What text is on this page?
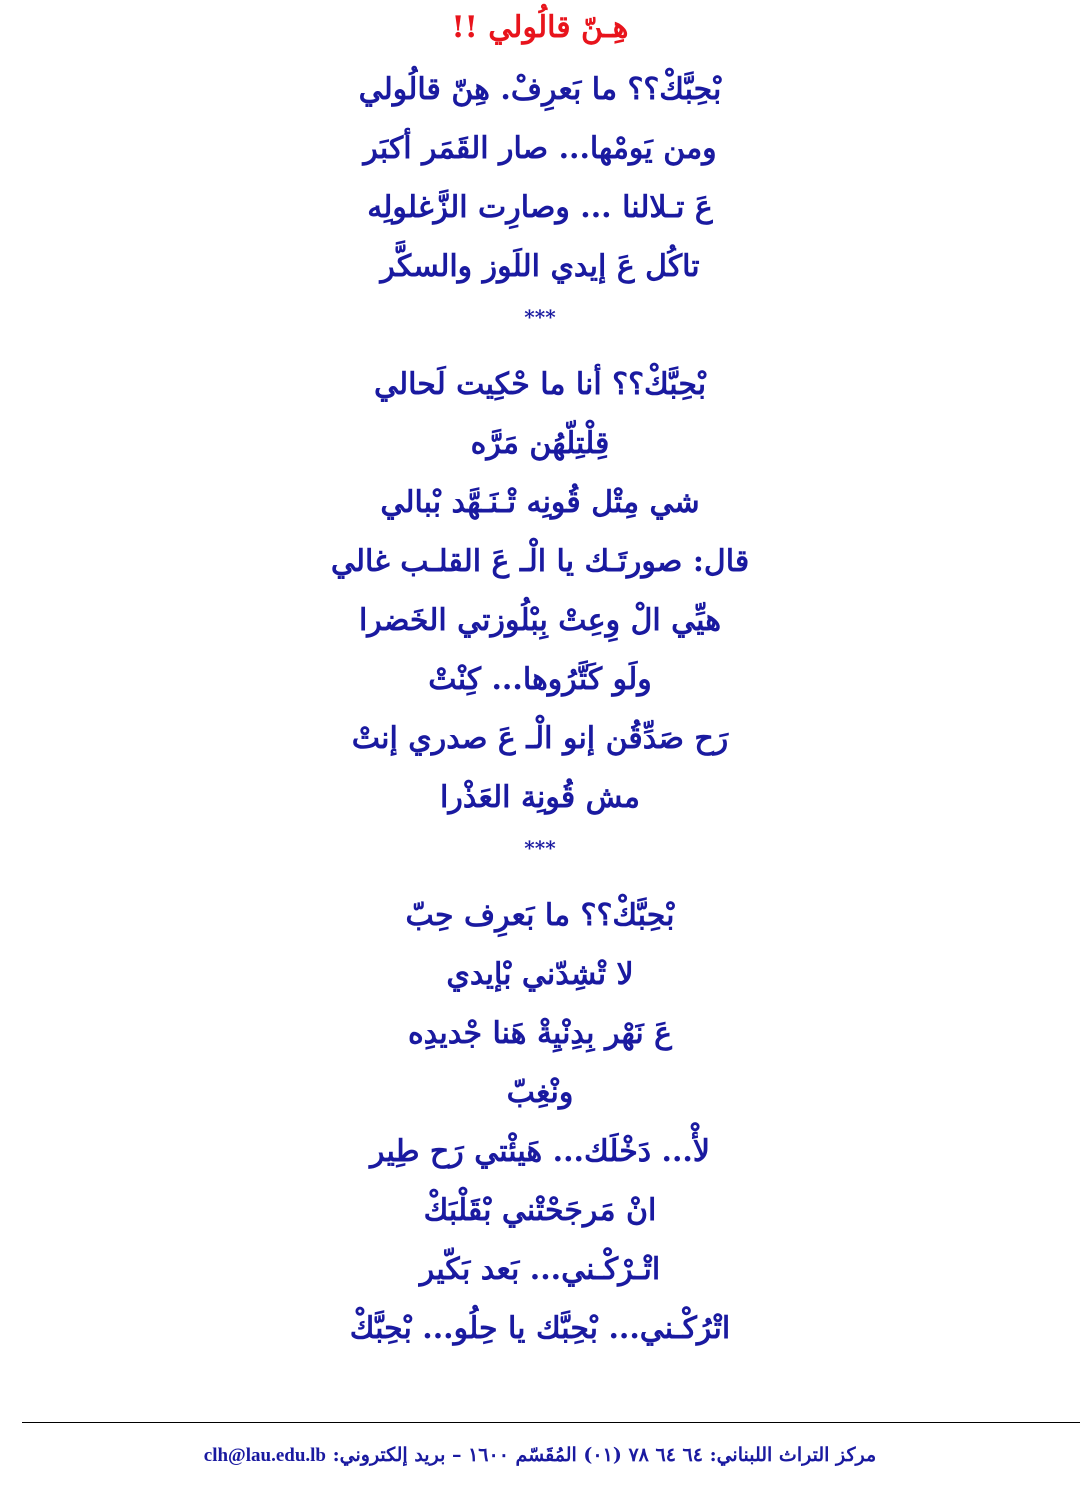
هِـنّ قالُولي !!
بْحِبَّكْ؟؟ ما بَعرِفْ. هِنّ قالُولي
ومن يَومْها... صار القَمَر أكبَر
عَ تـلالنا ... وصارِت الزَّغلولِه
تاكُل عَ إيدي اللَوز والسكَّر
***
بْحِبَّكْ؟؟ أنا ما حْكِيت لَحالي
قِلْتِلّهُن مَرَّه
شي مِتْل قُونِه تْـنَـهَّد بْبالي
قال: صورتَـك يا الْـ عَ القلـب غالي
هيِّي الْ وِعِتْ بِبْلُوزتي الخَضرا
ولَو كَتَّرُوها... كِنْتْ
رَح صَدِّقُن إنو الْـ عَ صدري إنتْ
مش قُونِة العَذْرا
***
بْحِبَّكْ؟؟ ما بَعرِف حِبّ
لا تْشِدّني بْإيدي
عَ نَهْر بِدِنْيِةْ هَنا جْديدِه
ونْغِبّ
لأْ... دَخْلَك... هَيئْتي رَح طِير
انْ مَرجَحْتْني بْقَلْبَكْ
اتْـرْكْـني... بَعد بَكّير
اتْرُكْـني... بْحِبَّك يا حِلُو... بْحِبَّكْ
مركز التراث اللبناني: ٦٤ ٦٤ ٧٨ (٠١) المُقَسّم ١٦٠٠ – بريد إلكتروني: clh@lau.edu.lb
